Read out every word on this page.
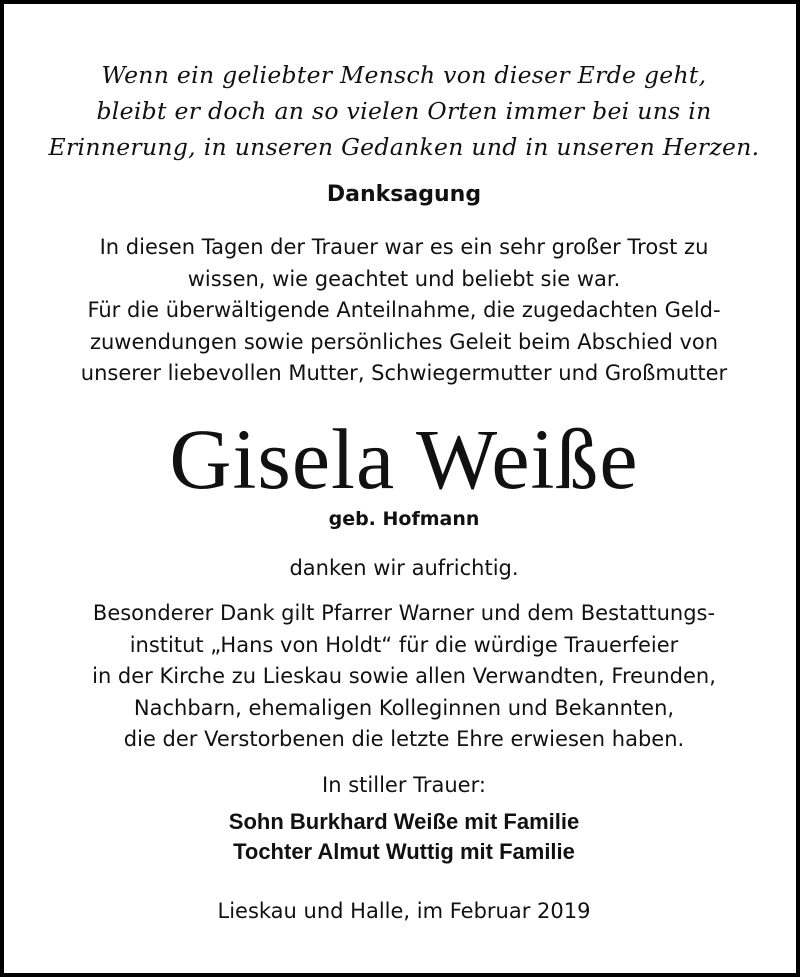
Wenn ein geliebter Mensch von dieser Erde geht,
bleibt er doch an so vielen Orten immer bei uns in
Erinnerung, in unseren Gedanken und in unseren Herzen.
Danksagung
In diesen Tagen der Trauer war es ein sehr großer Trost zu
wissen, wie geachtet und beliebt sie war.
Für die überwältigende Anteilnahme, die zugedachten Geld-
zuwendungen sowie persönliches Geleit beim Abschied von
unserer liebevollen Mutter, Schwiegermutter und Großmutter
Gisela Weiße
geb. Hofmann
danken wir aufrichtig.
Besonderer Dank gilt Pfarrer Warner und dem Bestattungs-
institut „Hans von Holdt“ für die würdige Trauerfeier
in der Kirche zu Lieskau sowie allen Verwandten, Freunden,
Nachbarn, ehemaligen Kolleginnen und Bekannten,
die der Verstorbenen die letzte Ehre erwiesen haben.
In stiller Trauer:
Sohn Burkhard Weiße mit Familie
Tochter Almut Wuttig mit Familie
Lieskau und Halle, im Februar 2019
